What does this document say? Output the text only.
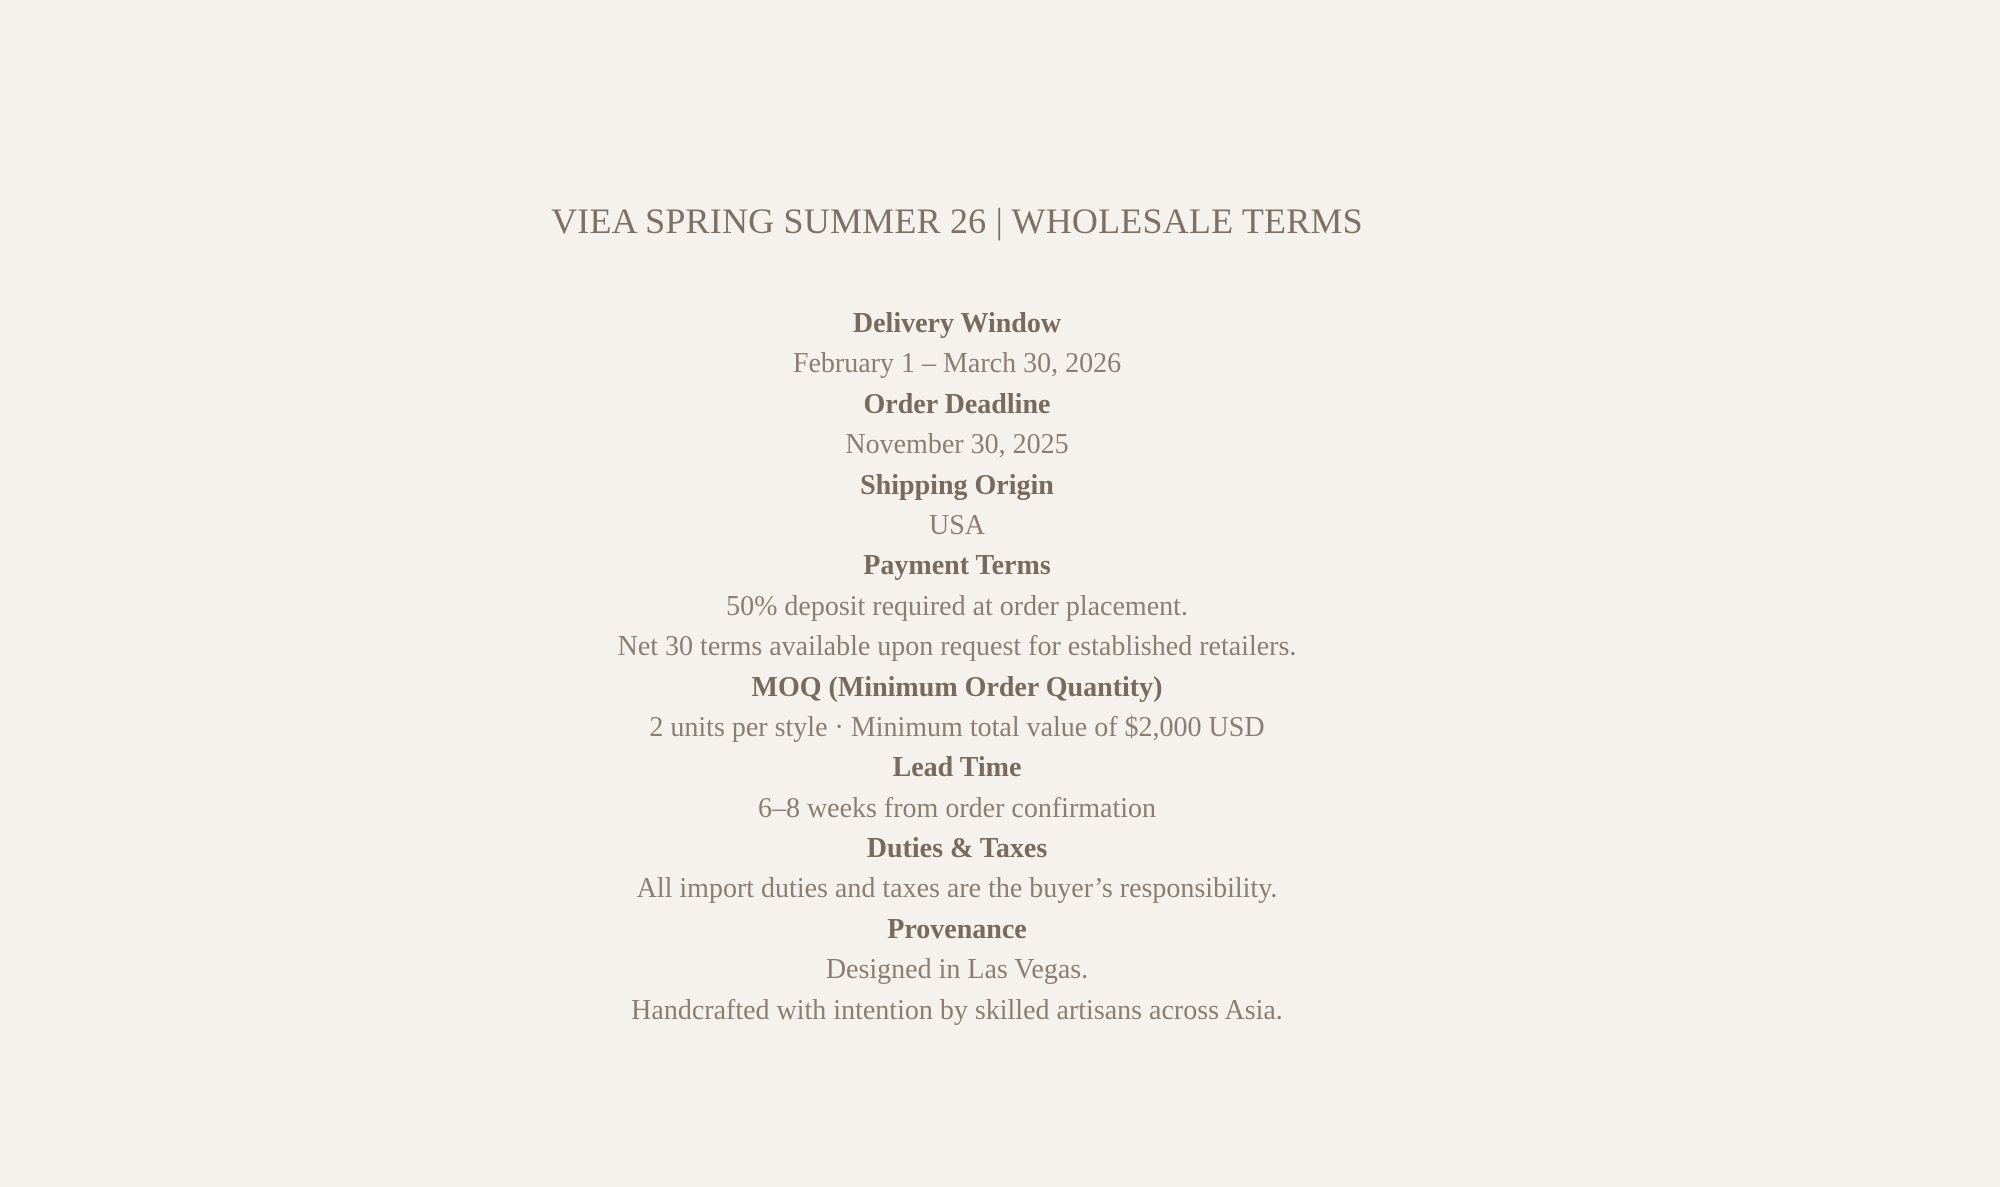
VIEA SPRING SUMMER 26 | WHOLESALE TERMS
Delivery Window
February 1 – March 30, 2026
Order Deadline
November 30, 2025
Shipping Origin
USA
Payment Terms
50% deposit required at order placement.
Net 30 terms available upon request for established retailers.
MOQ (Minimum Order Quantity)
2 units per style · Minimum total value of $2,000 USD
Lead Time
6–8 weeks from order confirmation
Duties & Taxes
All import duties and taxes are the buyer’s responsibility.
Provenance
Designed in Las Vegas.
Handcrafted with intention by skilled artisans across Asia.
